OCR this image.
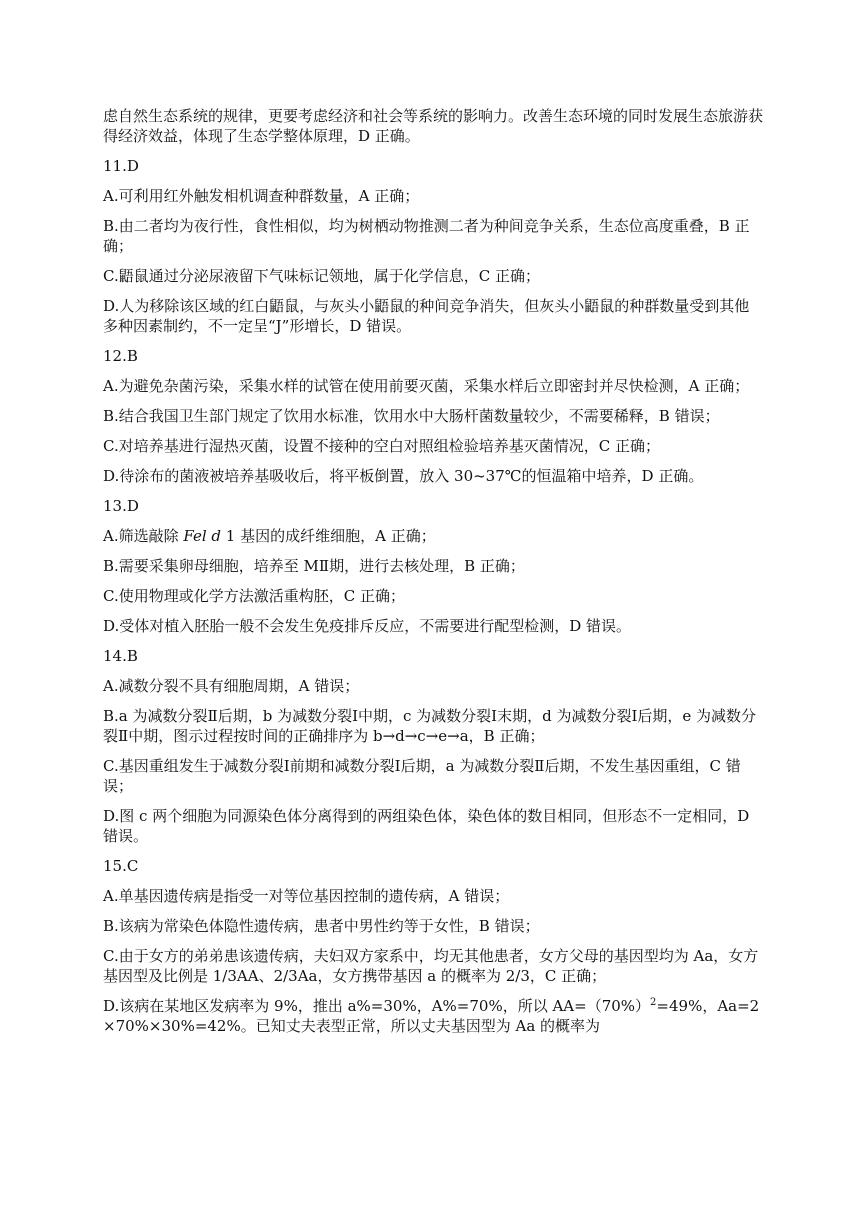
虑自然生态系统的规律，更要考虑经济和社会等系统的影响力。改善生态环境的同时发展生态旅游获得经济效益，体现了生态学整体原理，D 正确。
11.D
A.可利用红外触发相机调查种群数量，A 正确；
B.由二者均为夜行性，食性相似，均为树栖动物推测二者为种间竞争关系，生态位高度重叠，B 正确；
C.鼯鼠通过分泌尿液留下气味标记领地，属于化学信息，C 正确；
D.人为移除该区域的红白鼯鼠，与灰头小鼯鼠的种间竞争消失，但灰头小鼯鼠的种群数量受到其他多种因素制约，不一定呈“J”形增长，D 错误。
12.B
A.为避免杂菌污染，采集水样的试管在使用前要灭菌，采集水样后立即密封并尽快检测，A 正确；
B.结合我国卫生部门规定了饮用水标准，饮用水中大肠杆菌数量较少，不需要稀释，B 错误；
C.对培养基进行湿热灭菌，设置不接种的空白对照组检验培养基灭菌情况，C 正确；
D.待涂布的菌液被培养基吸收后，将平板倒置，放入 30~37℃的恒温箱中培养，D 正确。
13.D
A.筛选敲除 Fel d 1 基因的成纤维细胞，A 正确；
B.需要采集卵母细胞，培养至 MⅡ期，进行去核处理，B 正确；
C.使用物理或化学方法激活重构胚，C 正确；
D.受体对植入胚胎一般不会发生免疫排斥反应，不需要进行配型检测，D 错误。
14.B
A.减数分裂不具有细胞周期，A 错误；
B.a 为减数分裂Ⅱ后期，b 为减数分裂Ⅰ中期，c 为减数分裂Ⅰ末期，d 为减数分裂Ⅰ后期，e 为减数分裂Ⅱ中期，图示过程按时间的正确排序为 b→d→c→e→a，B 正确；
C.基因重组发生于减数分裂Ⅰ前期和减数分裂Ⅰ后期，a 为减数分裂Ⅱ后期，不发生基因重组，C 错误；
D.图 c 两个细胞为同源染色体分离得到的两组染色体，染色体的数目相同，但形态不一定相同，D 错误。
15.C
A.单基因遗传病是指受一对等位基因控制的遗传病，A 错误；
B.该病为常染色体隐性遗传病，患者中男性约等于女性，B 错误；
C.由于女方的弟弟患该遗传病，夫妇双方家系中，均无其他患者，女方父母的基因型均为 Aa，女方基因型及比例是 1/3AA、2/3Aa，女方携带基因 a 的概率为 2/3，C 正确；
D.该病在某地区发病率为 9%，推出 a%=30%，A%=70%，所以 $AA=(70\%)^2=49\%$，Aa=2×70%×30%=42%。已知丈夫表型正常，所以丈夫基因型为 Aa 的概率为
